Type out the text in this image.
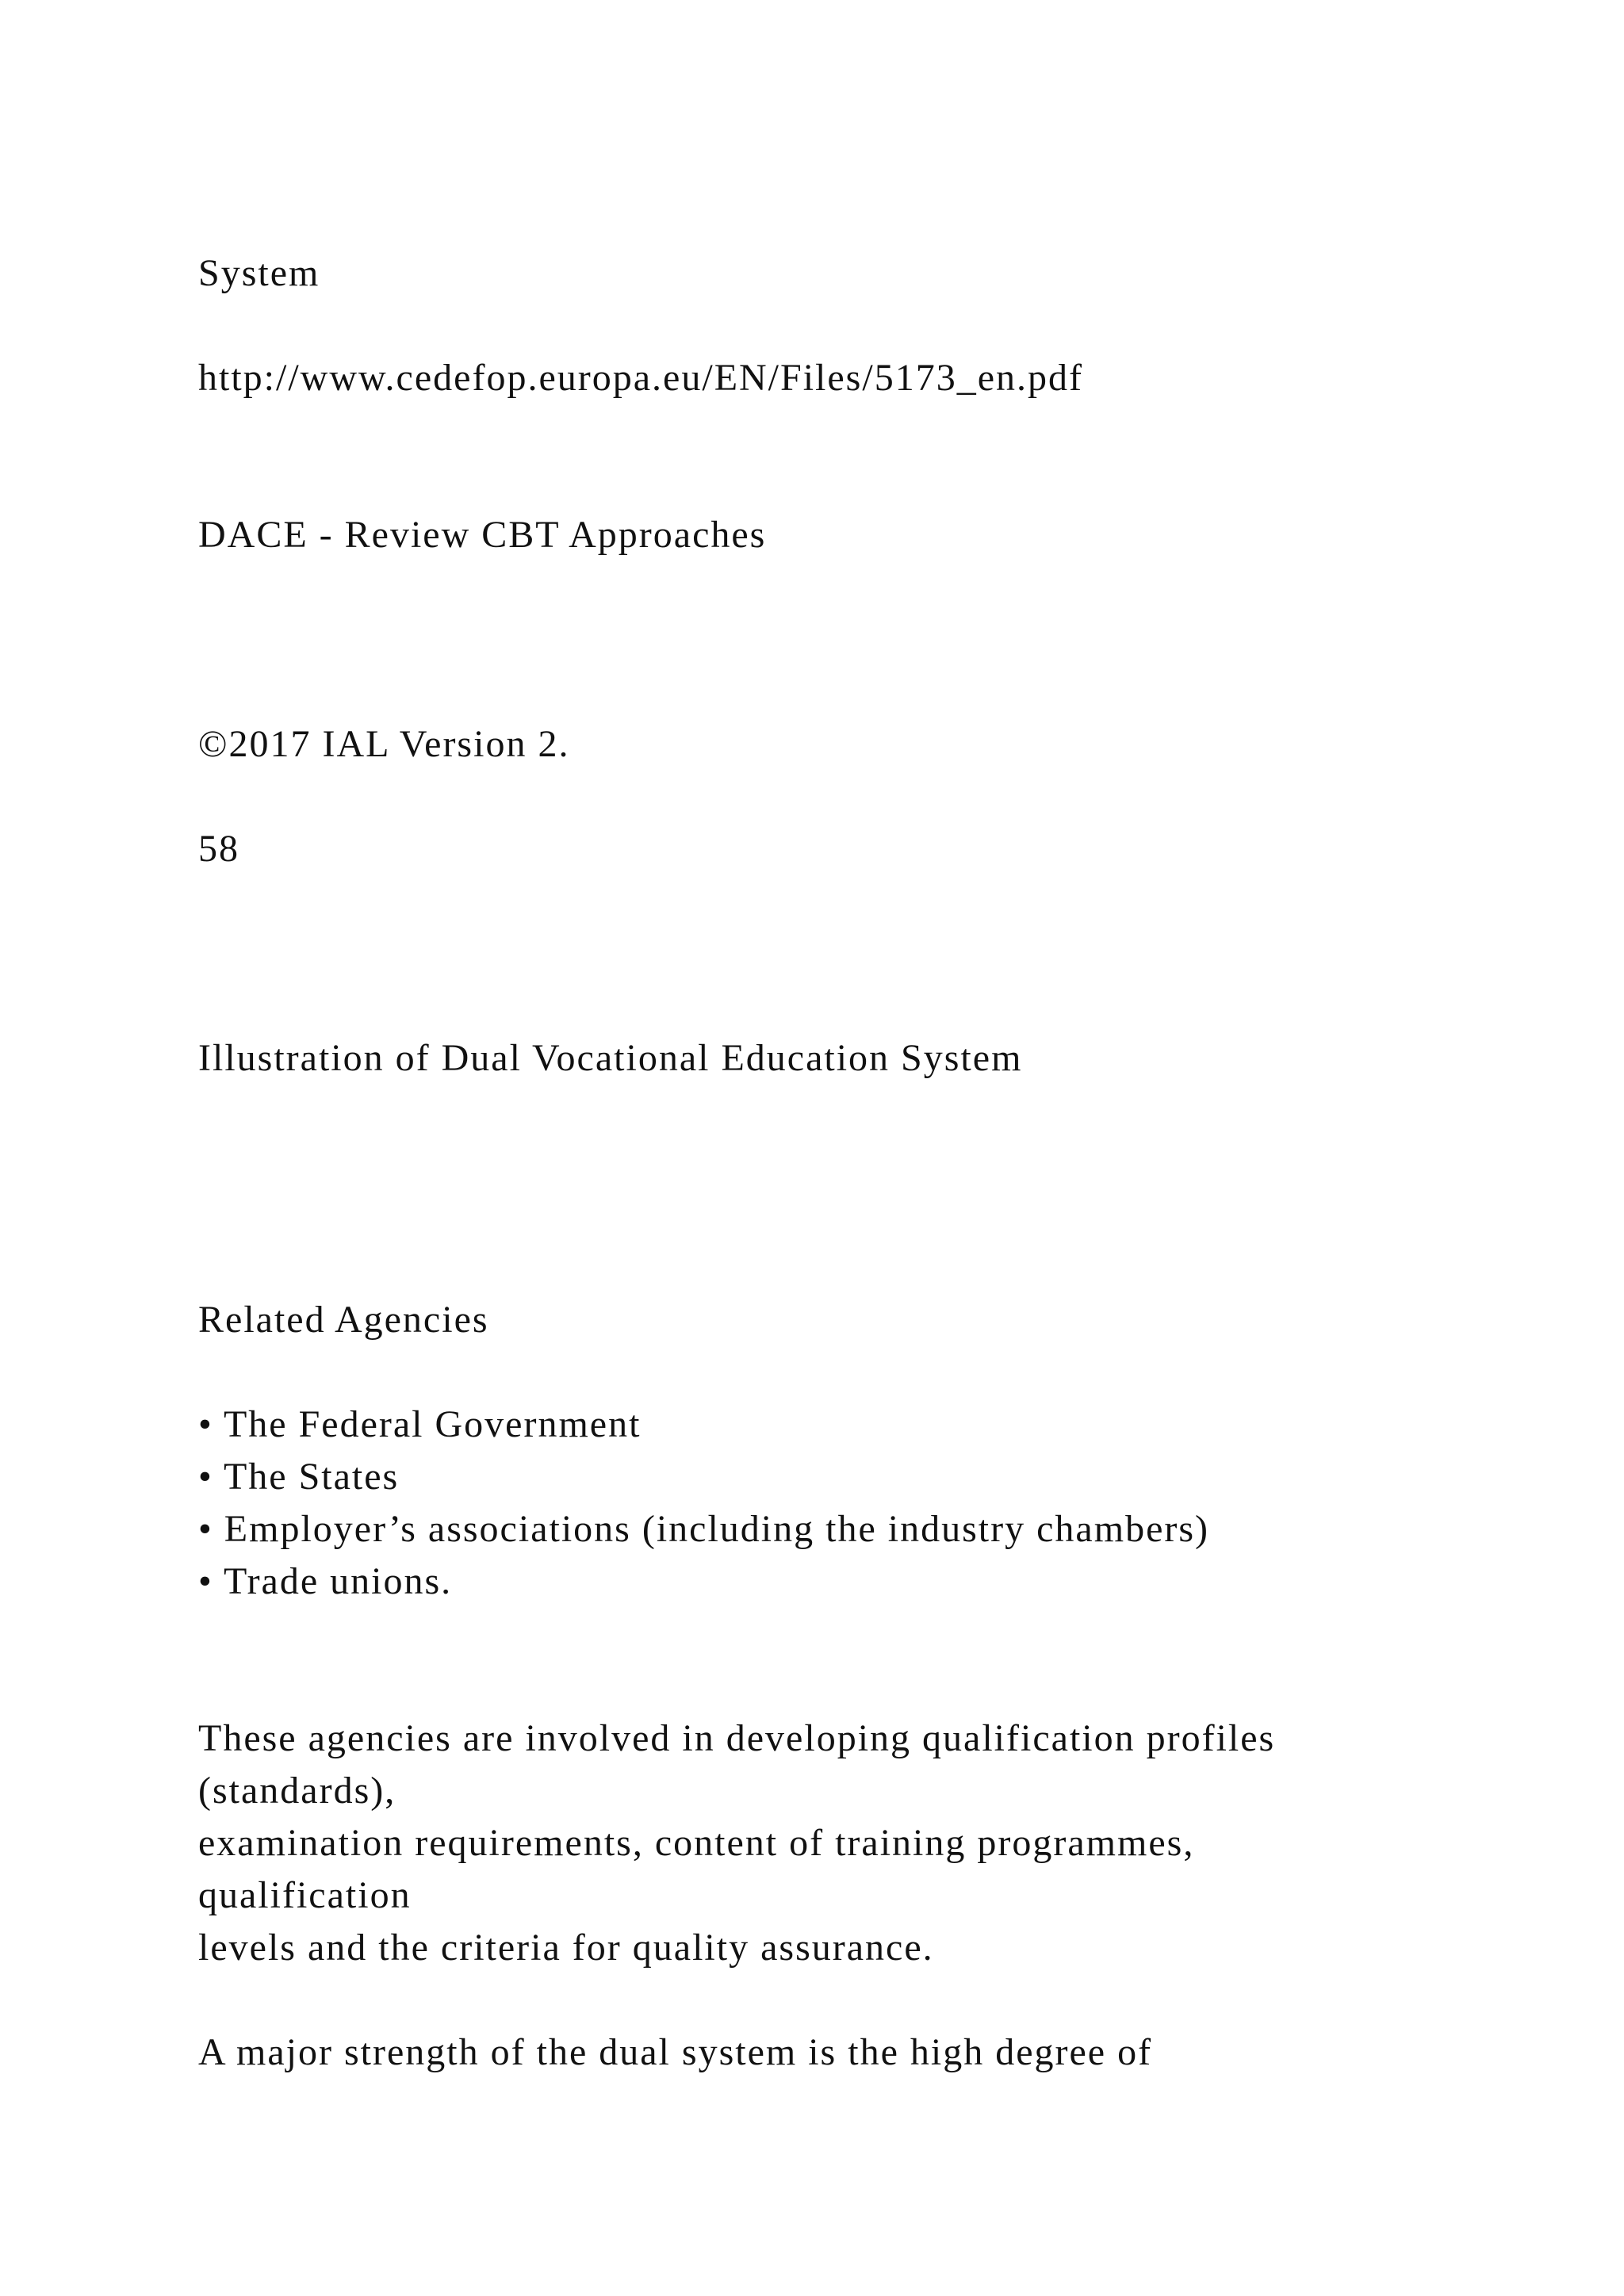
System

http://www.cedefop.europa.eu/EN/Files/5173_en.pdf

DACE - Review CBT Approaches

©2017 IAL Version 2.

58

Illustration of Dual Vocational Education System

Related Agencies

• The Federal Government

• The States

• Employer’s associations (including the industry chambers)

• Trade unions.

These agencies are involved in developing qualification profiles

(standards),

examination requirements, content of training programmes,

qualification

levels and the criteria for quality assurance.

A major strength of the dual system is the high degree of
